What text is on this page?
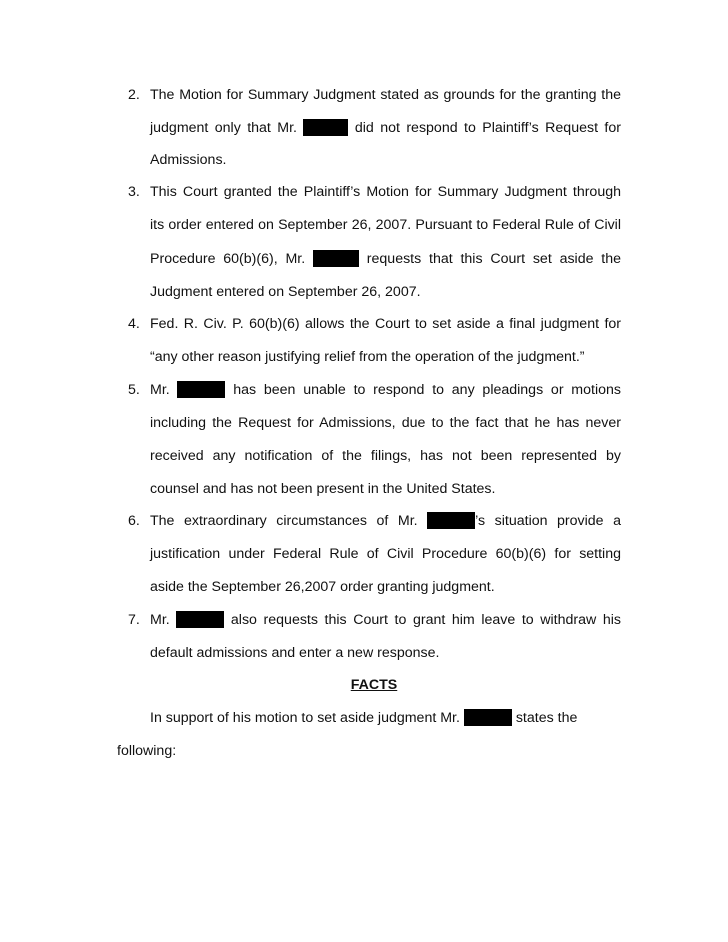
2. The Motion for Summary Judgment stated as grounds for the granting the
judgment only that Mr.	did not respond to Plaintiff’s Request for
Admissions.
3. This Court granted the Plaintiff’s Motion for Summary Judgment through
its order entered on September 26, 2007. Pursuant to Federal Rule of Civil
Procedure 60(b)(6), Mr.	requests that this Court set aside the
Judgment entered on September 26, 2007.
4. Fed. R. Civ. P. 60(b)(6) allows the Court to set aside a final judgment for
“any other reason justifying relief from the operation of the judgment.”
5. Mr.	has been unable to respond to any pleadings or motions
including the Request for Admissions, due to the fact that he has never
received any notification of the filings, has not been represented by
counsel and has not been present in the United States.
6. The extraordinary circumstances of Mr.	’s situation provide a
justification under Federal Rule of Civil Procedure 60(b)(6) for setting
aside the September 26,2007 order granting judgment.
7. Mr.	also requests this Court to grant him leave to withdraw his
default admissions and enter a new response.
FACTS
In support of his motion to set aside judgment Mr.	states the
following:
